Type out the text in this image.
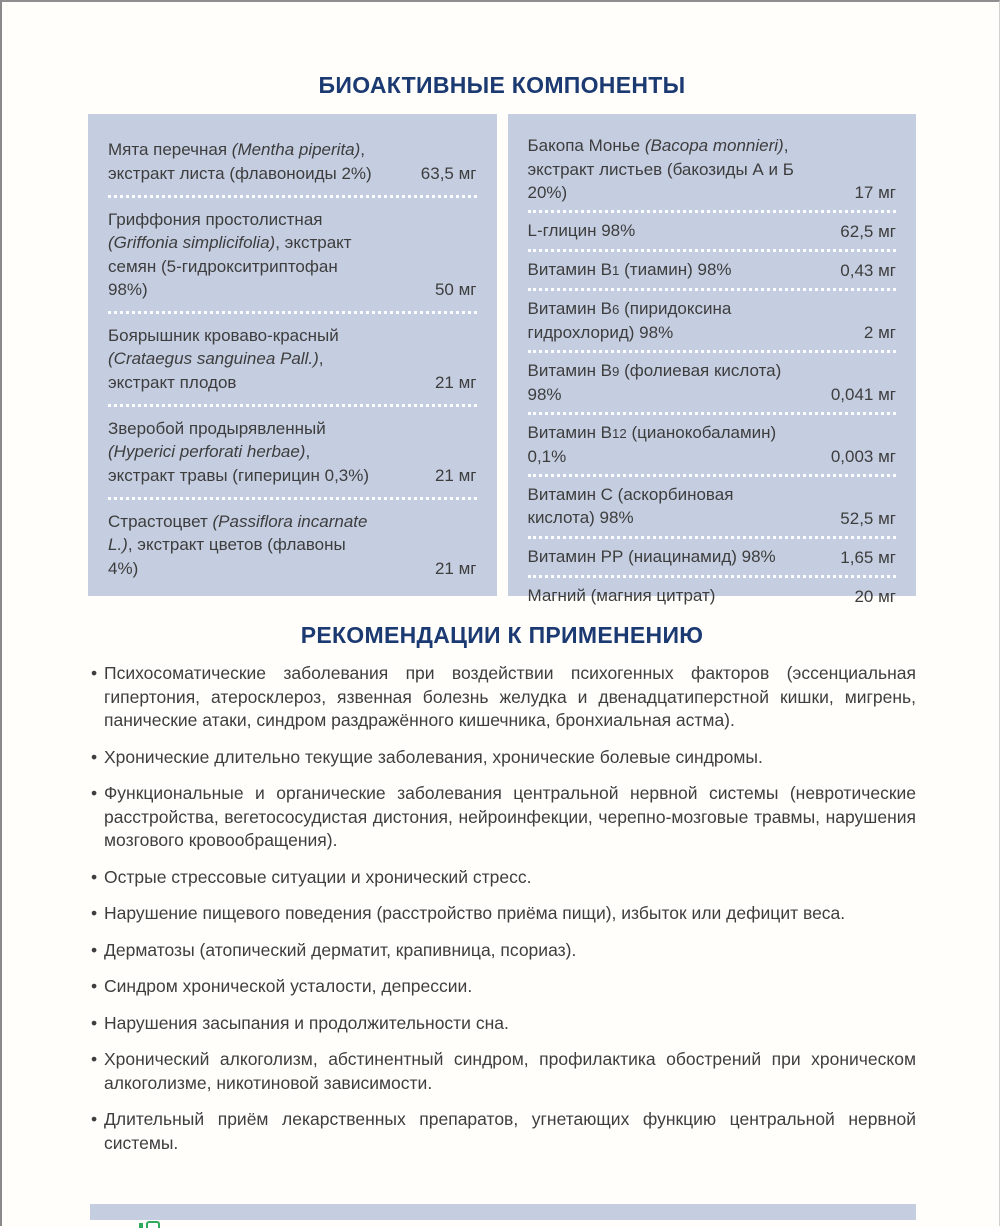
БИОАКТИВНЫЕ КОМПОНЕНТЫ
Мята перечная (Mentha piperita), экстракт листа (флавоноиды 2%)	63,5 мг
Гриффония простолистная (Griffonia simplicifolia), экстракт семян (5-гидрокситриптофан 98%)	50 мг
Боярышник кроваво-красный (Crataegus sanguinea Pall.), экстракт плодов	21 мг
Зверобой продырявленный (Hyperici perforati herbae), экстракт травы (гиперицин 0,3%)	21 мг
Страстоцвет (Passiflora incarnate L.), экстракт цветов (флавоны 4%)	21 мг
Бакопа Монье (Bacopa monnieri), экстракт листьев (бакозиды А и Б 20%)	17 мг
L-глицин 98%	62,5 мг
Витамин В1 (тиамин) 98%	0,43 мг
Витамин В6 (пиридоксина гидрохлорид) 98%	2 мг
Витамин В9 (фолиевая кислота) 98%	0,041 мг
Витамин В12 (цианокобаламин) 0,1%	0,003 мг
Витамин С (аскорбиновая кислота) 98%	52,5 мг
Витамин РР (ниацинамид) 98%	1,65 мг
Магний (магния цитрат)	20 мг
РЕКОМЕНДАЦИИ К ПРИМЕНЕНИЮ
• Психосоматические заболевания при воздействии психогенных факторов (эссенциальная гипертония, атеросклероз, язвенная болезнь желудка и двенадцатиперстной кишки, мигрень, панические атаки, синдром раздражённого кишечника, бронхиальная астма).
• Хронические длительно текущие заболевания, хронические болевые синдромы.
• Функциональные и органические заболевания центральной нервной системы (невротические расстройства, вегетососудистая дистония, нейроинфекции, черепно-мозговые травмы, нарушения мозгового кровообращения).
• Острые стрессовые ситуации и хронический стресс.
• Нарушение пищевого поведения (расстройство приёма пищи), избыток или дефицит веса.
• Дерматозы (атопический дерматит, крапивница, псориаз).
• Синдром хронической усталости, депрессии.
• Нарушения засыпания и продолжительности сна.
• Хронический алкоголизм, абстинентный синдром, профилактика обострений при хроническом алкоголизме, никотиновой зависимости.
• Длительный приём лекарственных препаратов, угнетающих функцию центральной нервной системы.
